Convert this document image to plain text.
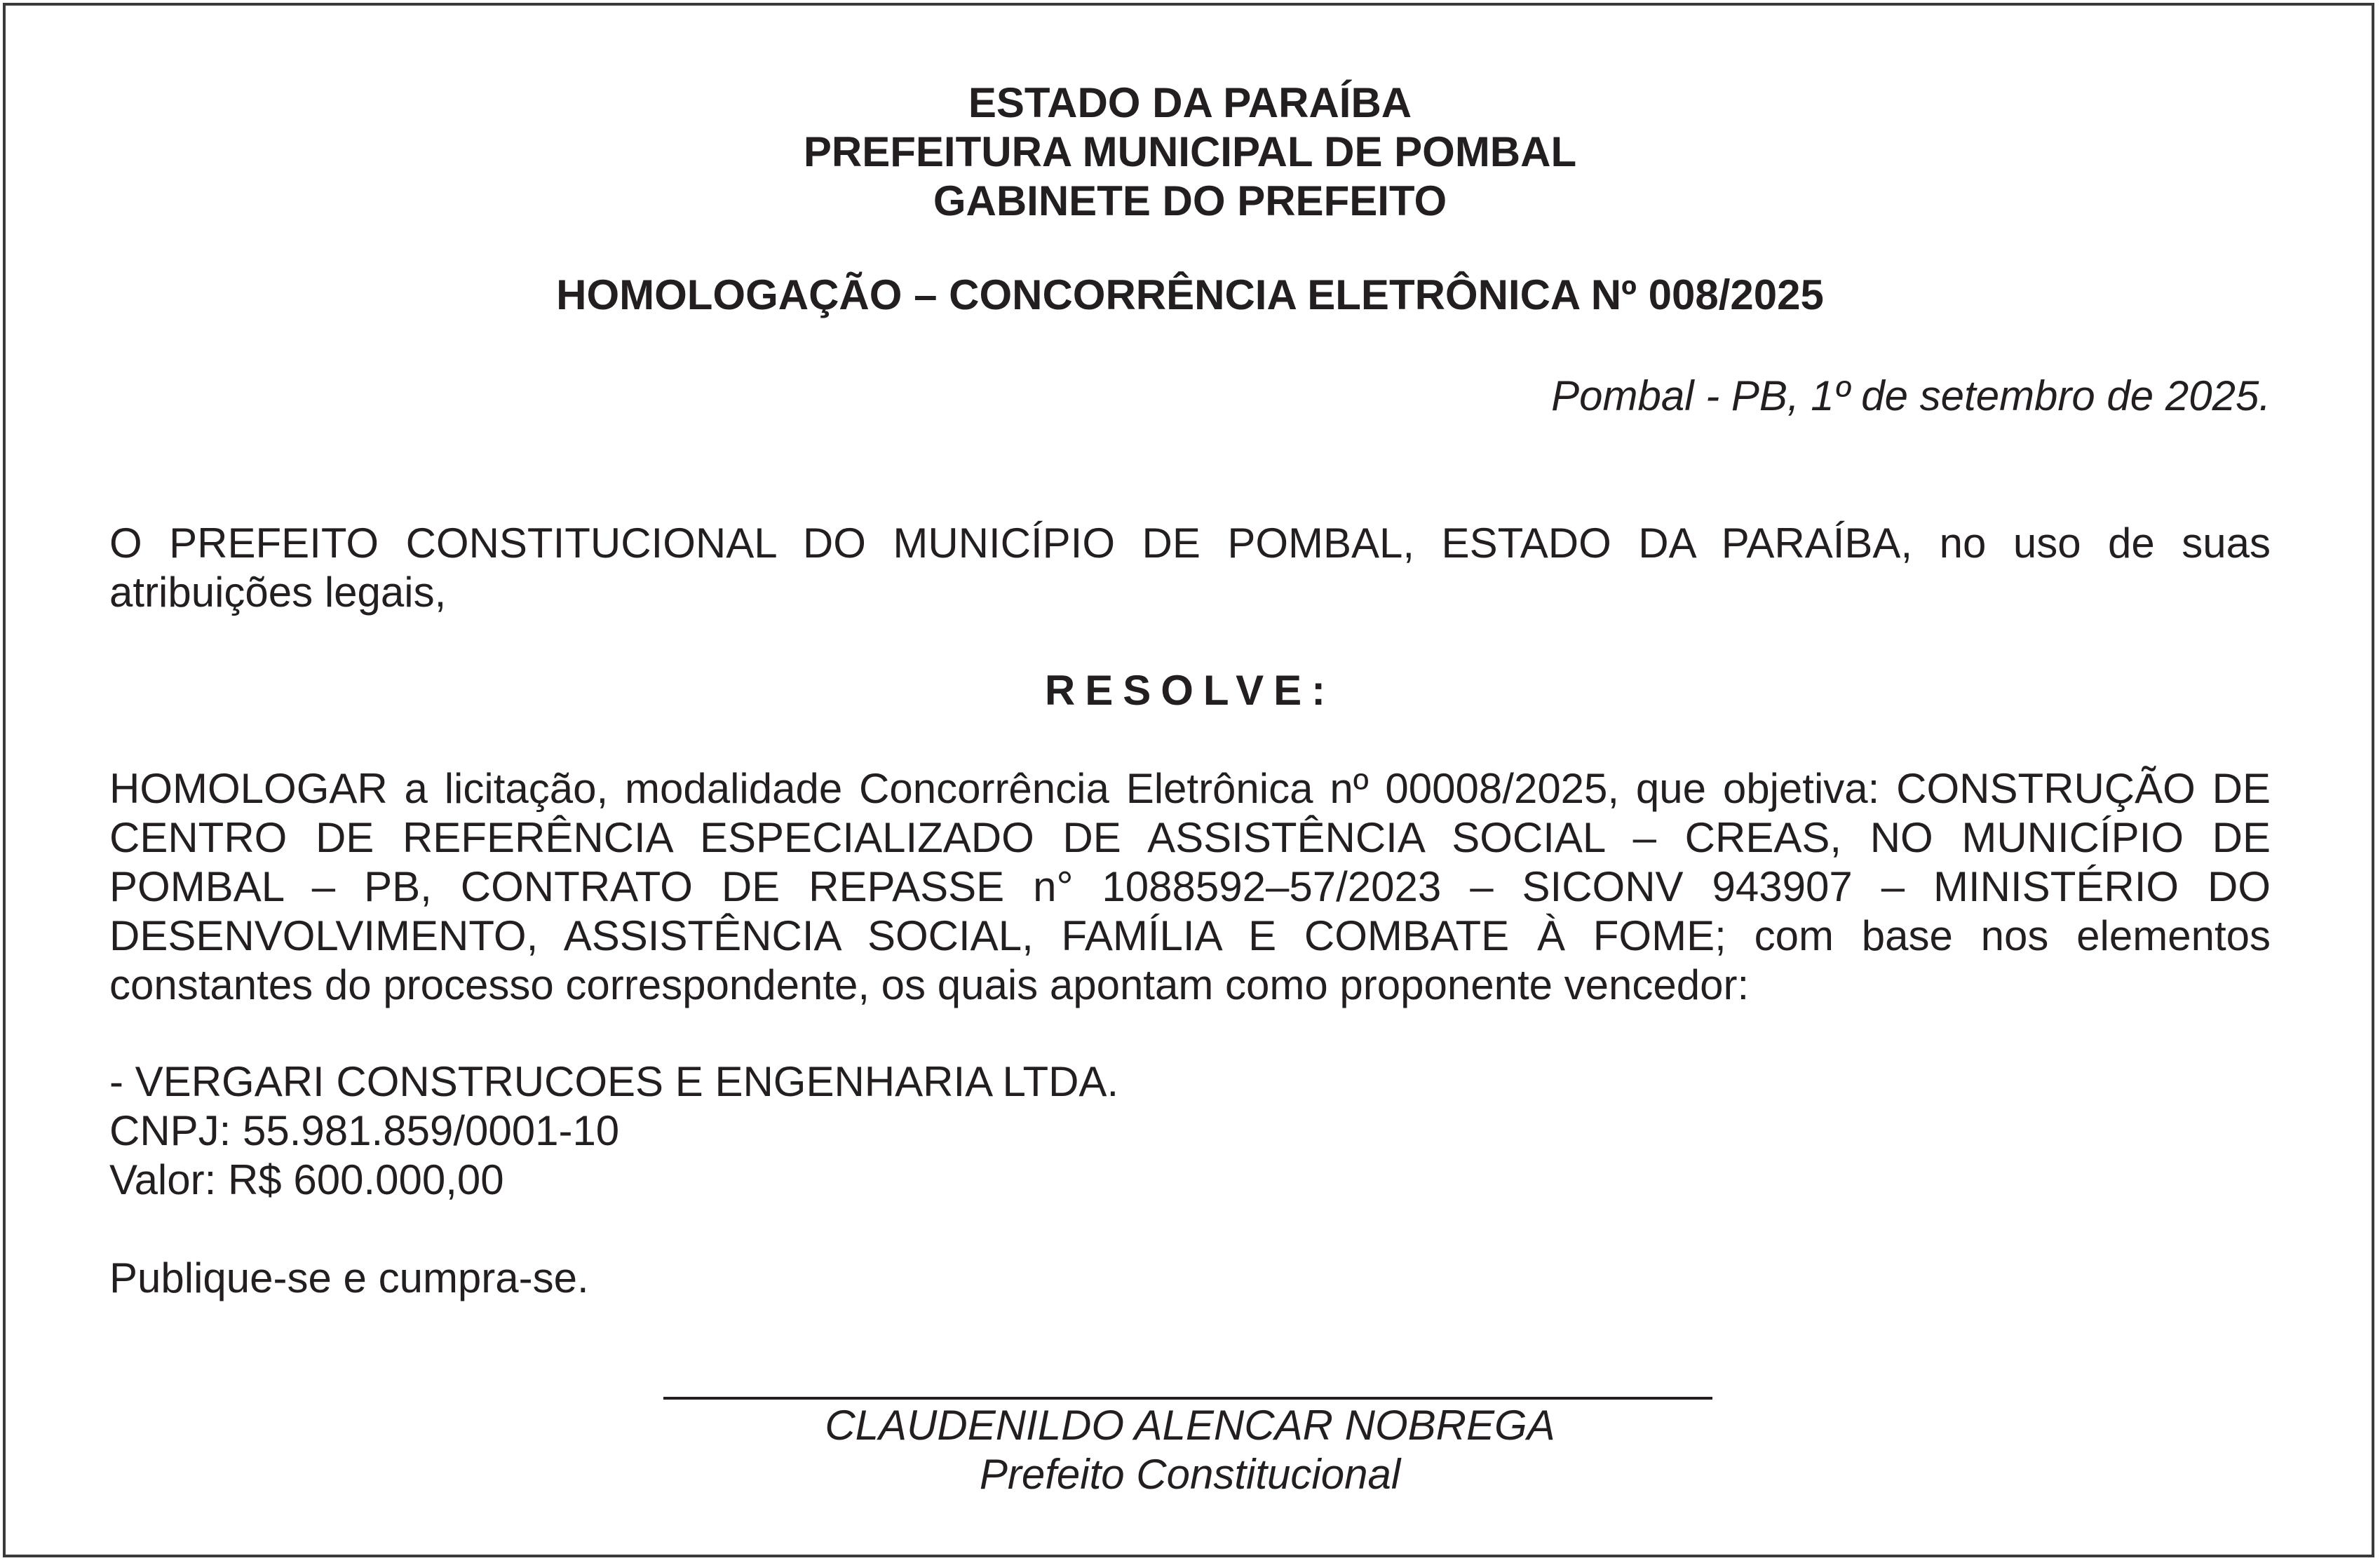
ESTADO DA PARAÍBA
PREFEITURA MUNICIPAL DE POMBAL
GABINETE DO PREFEITO
HOMOLOGAÇÃO – CONCORRÊNCIA ELETRÔNICA Nº 008/2025
Pombal - PB, 1º de setembro de 2025.
O PREFEITO CONSTITUCIONAL DO MUNICÍPIO DE POMBAL, ESTADO DA PARAÍBA, no uso de suas atribuições legais,
RESOLVE:
HOMOLOGAR a licitação, modalidade Concorrência Eletrônica nº 00008/2025, que objetiva: CONSTRUÇÃO DE CENTRO DE REFERÊNCIA ESPECIALIZADO DE ASSISTÊNCIA SOCIAL – CREAS, NO MUNICÍPIO DE POMBAL – PB, CONTRATO DE REPASSE n° 1088592–57/2023 – SICONV 943907 – MINISTÉRIO DO DESENVOLVIMENTO, ASSISTÊNCIA SOCIAL, FAMÍLIA E COMBATE À FOME; com base nos elementos constantes do processo correspondente, os quais apontam como proponente vencedor:
- VERGARI CONSTRUCOES E ENGENHARIA LTDA.
CNPJ: 55.981.859/0001-10
Valor: R$ 600.000,00
Publique-se e cumpra-se.
CLAUDENILDO ALENCAR NOBREGA
Prefeito Constitucional
